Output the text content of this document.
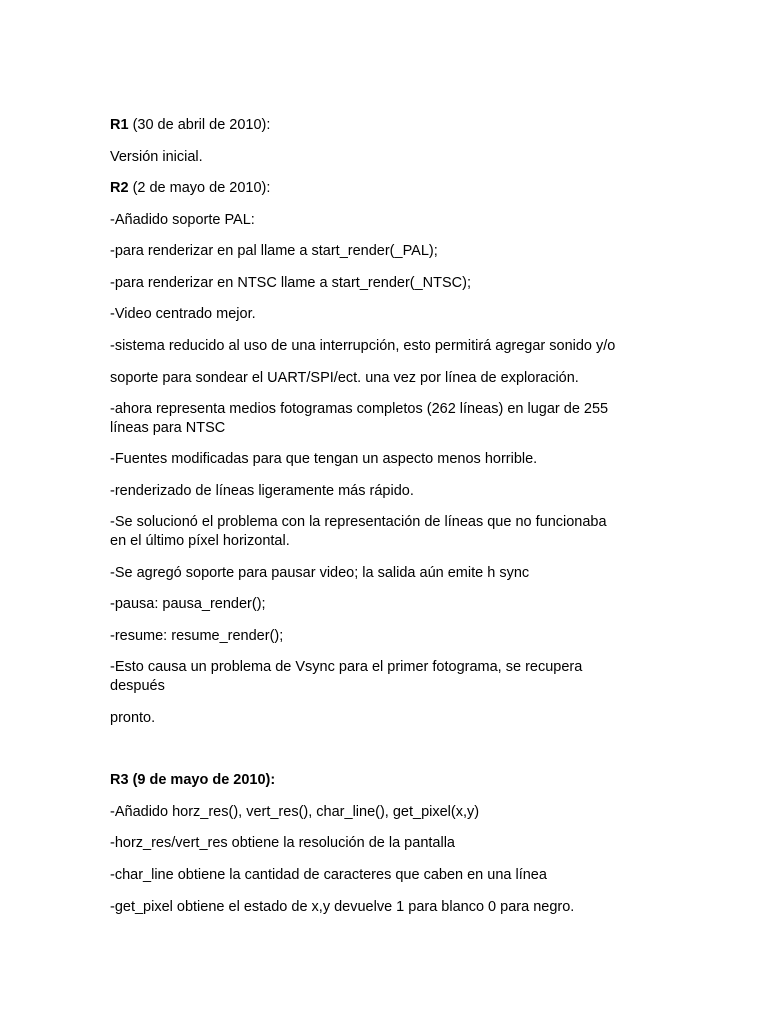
R1 (30 de abril de 2010):
Versión inicial.
R2 (2 de mayo de 2010):
-Añadido soporte PAL:
-para renderizar en pal llame a start_render(_PAL);
-para renderizar en NTSC llame a start_render(_NTSC);
-Video centrado mejor.
-sistema reducido al uso de una interrupción, esto permitirá agregar sonido y/o
soporte para sondear el UART/SPI/ect. una vez por línea de exploración.
-ahora representa medios fotogramas completos (262 líneas) en lugar de 255
líneas para NTSC
-Fuentes modificadas para que tengan un aspecto menos horrible.
-renderizado de líneas ligeramente más rápido.
-Se solucionó el problema con la representación de líneas que no funcionaba
en el último píxel horizontal.
-Se agregó soporte para pausar video; la salida aún emite h sync
-pausa: pausa_render();
-resume: resume_render();
-Esto causa un problema de Vsync para el primer fotograma, se recupera
después
pronto.
R3 (9 de mayo de 2010):
-Añadido horz_res(), vert_res(), char_line(), get_pixel(x,y)
-horz_res/vert_res obtiene la resolución de la pantalla
-char_line obtiene la cantidad de caracteres que caben en una línea
-get_pixel obtiene el estado de x,y devuelve 1 para blanco 0 para negro.
